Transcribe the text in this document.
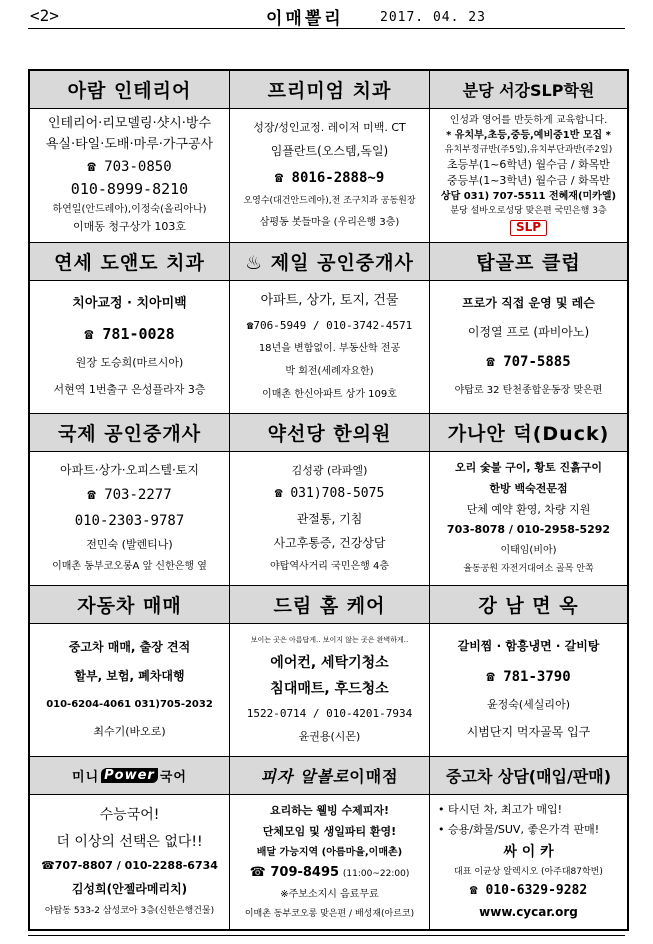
<2>	이매뽈리	2017. 04. 23
아람 인테리어
인테리어·리모델링·샷시·방수
욕실·타일·도배·마루·가구공사
☎ 703-0850
010-8999-8210
하연일(안드레아),이정숙(올리아나)
이매동 청구상가 103호
프리미엄 치과
성장/성인교정. 레이저 미백. CT
임플란트(오스템,독일)
☎ 8016-2888~9
오영수(대건안드레아),전 조구치과 공동원장
삼평동 봇들마을 (우리은행 3층)
분당 서강SLP학원
인성과 영어를 반듯하게 교육합니다.
* 유치부,초등,중등,예비중1반 모집 *
유치부정규반(주5일),유치부단과반(주2일)
초등부(1~6학년) 월수금 / 화목반
중등부(1~3학년) 월수금 / 화목반
상담 031) 707-5511 전혜재(미카엘)
분당 설바오로성당 맞은편 국민은행 3층
SLP
연세 도앤도 치과
치아교정 · 치아미백
☎ 781-0028
원장 도승희(마르시아)
서현역 1번출구 은성플라자 3층
♨ 제일 공인중개사
아파트, 상가, 토지, 건물
☎706-5949 / 010-3742-4571
18년을 변함없이. 부동산학 전공
박 회전(세례자요한)
이매촌 한신아파트 상가 109호
탑골프 클럽
프로가 직접 운영 및 레슨
이정열 프로 (파비아노)
☎ 707-5885
야탑로 32 탄천종합운동장 맞은편
국제 공인중개사
아파트·상가·오피스텔·토지
☎ 703-2277
010-2303-9787
전민숙 (발렌티나)
이매촌 동부코오롱A 앞 신한은행 옆
약선당 한의원
김성광 (라파엘)
☎ 031)708-5075
관절통, 기침
사고후통증, 건강상담
야탑역사거리 국민은행 4층
가나안 덕(Duck)
오리 숯불 구이, 황토 진흙구이
한방 백숙전문점
단체 예약 환영, 차량 지원
703-8078 / 010-2958-5292
이태임(비아)
율동공원 자전거대여소 골목 안쪽
자동차 매매
중고차 매매, 출장 견적
할부, 보험, 폐차대행
010-6204-4061 031)705-2032
최수기(바오로)
드림 홈 케어
보이는 곳은 아름답게.. 보이지 않는 곳은 완벽하게..
에어컨, 세탁기청소
침대매트, 후드청소
1522-0714 / 010-4201-7934
윤권용(시몬)
강 남 면 옥
갈비찜 · 함흥냉면 · 갈비탕
☎ 781-3790
윤정숙(세실리아)
시범단지 먹자골목 입구
미니 Power 국어
수능국어!
더 이상의 선택은 없다!!
☎707-8807 / 010-2288-6734
김성희(안젤라메리치)
야탑동 533-2 삼성코아 3층(신한은행건물)
피자 알볼로 이매점
요리하는 웰빙 수제피자!
단체모임 및 생일파티 환영!
배달 가능지역 (아름마을,이매촌)
☎ 709-8495 (11:00~22:00)
※주보소지시 음료무료
이매촌 동부코오롱 맞은편 / 배성재(아르코)
중고차 상담(매입/판매)
• 타시던 차, 최고가 매입!
• 승용/화물/SUV, 좋은가격 판매!
싸 이 카
대표 이균상 알렉시오 (아주대87학번)
☎ 010-6329-9282
www.cycar.org
